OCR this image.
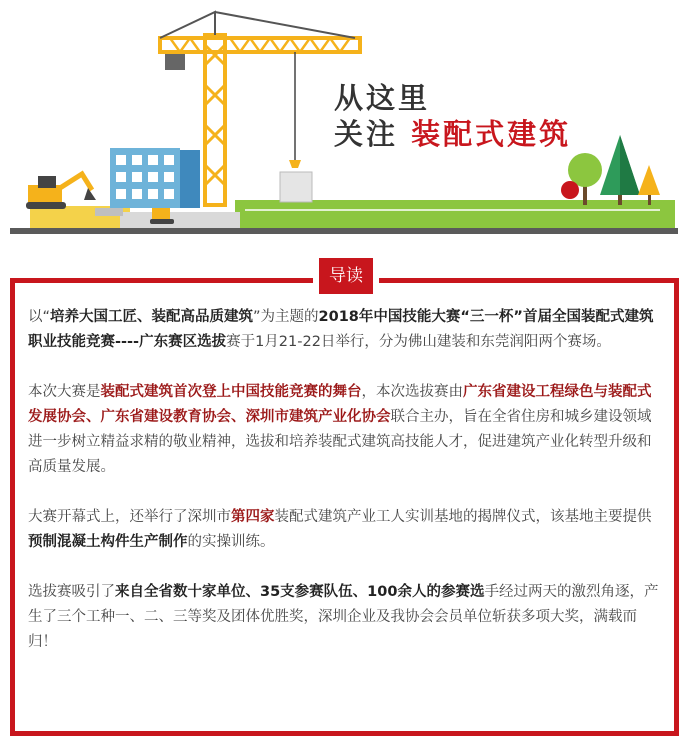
从这里
关注 装配式建筑
导读

以“培养大国工匠、装配高品质建筑”为主题的2018年中国技能大赛“三一杯”首届全国装配式建筑职业技能竞赛----广东赛区选拔赛于1月21-22日举行，分为佛山建装和东莞润阳两个赛场。

本次大赛是装配式建筑首次登上中国技能竞赛的舞台，本次选拔赛由广东省建设工程绿色与装配式发展协会、广东省建设教育协会、深圳市建筑产业化协会联合主办，旨在全省住房和城乡建设领域进一步树立精益求精的敬业精神，选拔和培养装配式建筑高技能人才，促进建筑产业化转型升级和高质量发展。

大赛开幕式上，还举行了深圳市第四家装配式建筑产业工人实训基地的揭牌仪式，该基地主要提供预制混凝土构件生产制作的实操训练。

选拔赛吸引了来自全省数十家单位、35支参赛队伍、100余人的参赛选手经过两天的激烈角逐，产生了三个工种一、二、三等奖及团体优胜奖，深圳企业及我协会会员单位斩获多项大奖，满载而归！
